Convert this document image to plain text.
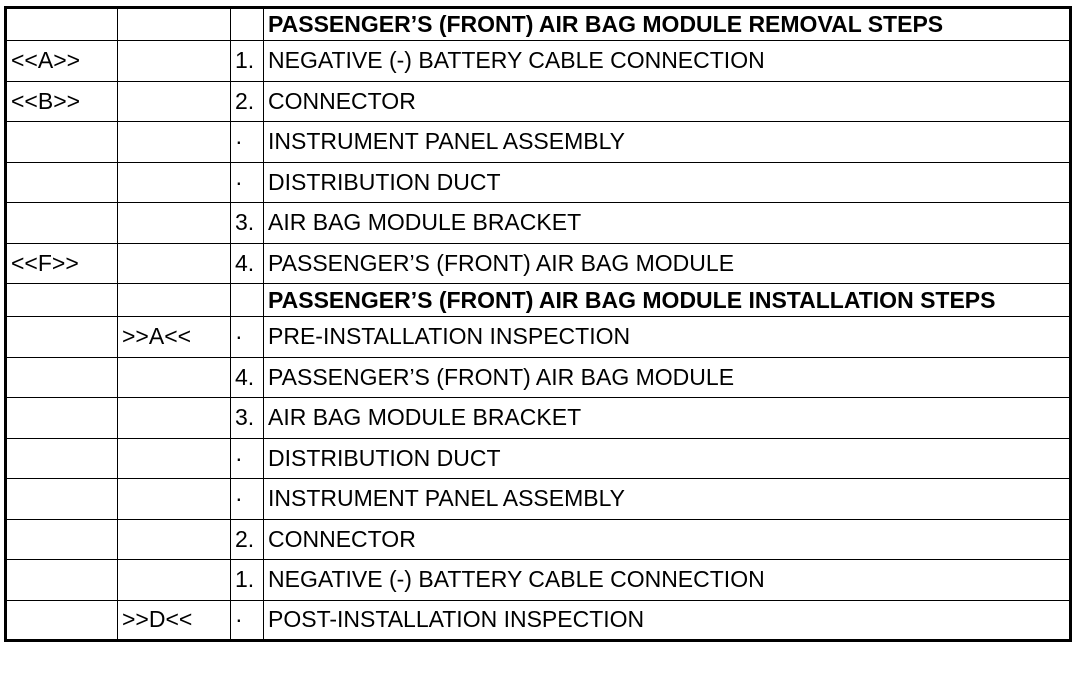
			PASSENGER’S (FRONT) AIR BAG MODULE REMOVAL STEPS
<<A>>		1.	NEGATIVE (-) BATTERY CABLE CONNECTION
<<B>>		2.	CONNECTOR
		·	INSTRUMENT PANEL ASSEMBLY
		·	DISTRIBUTION DUCT
		3.	AIR BAG MODULE BRACKET
<<F>>		4.	PASSENGER’S (FRONT) AIR BAG MODULE
			PASSENGER’S (FRONT) AIR BAG MODULE INSTALLATION STEPS
	>>A<<	·	PRE-INSTALLATION INSPECTION
		4.	PASSENGER’S (FRONT) AIR BAG MODULE
		3.	AIR BAG MODULE BRACKET
		·	DISTRIBUTION DUCT
		·	INSTRUMENT PANEL ASSEMBLY
		2.	CONNECTOR
		1.	NEGATIVE (-) BATTERY CABLE CONNECTION
	>>D<<	·	POST-INSTALLATION INSPECTION
